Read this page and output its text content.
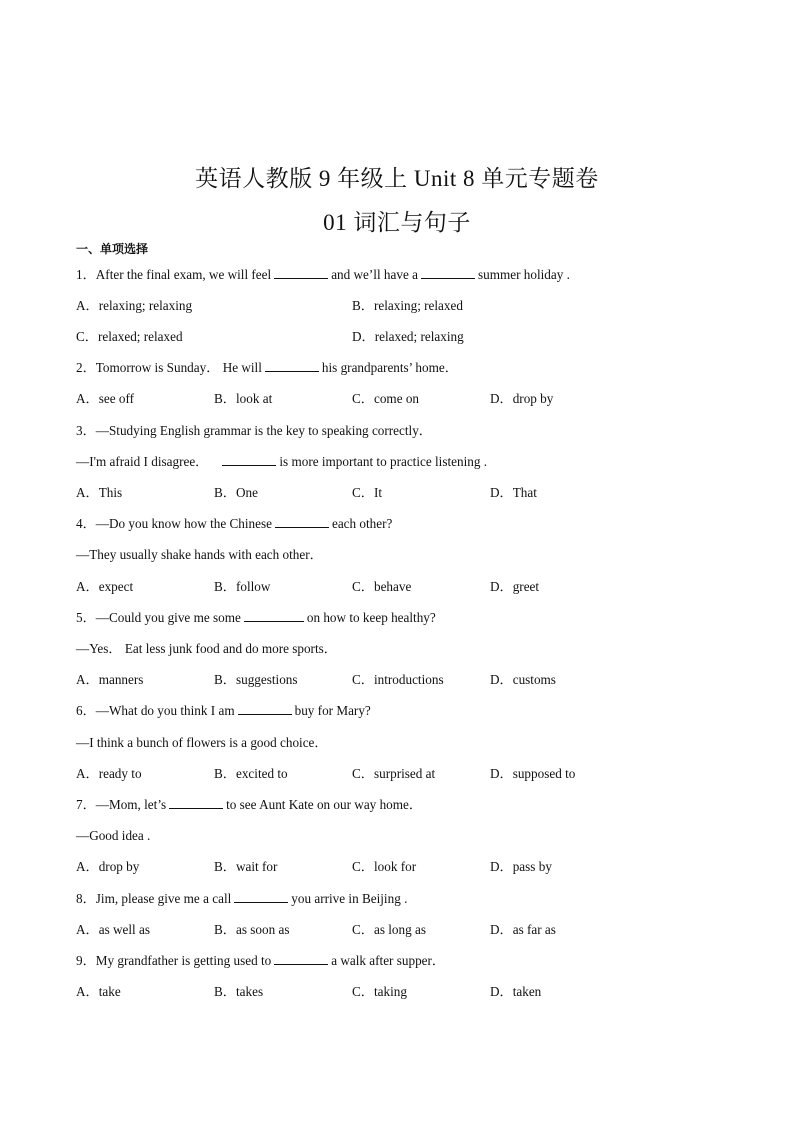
英语人教版 9 年级上 Unit 8 单元专题卷
01 词汇与句子
一、单项选择
1．After the final exam, we will feel	and we’ll have a	summer holiday .
A．relaxing; relaxing	B．relaxing; relaxed
C．relaxed; relaxed	D．relaxed; relaxing
2．Tomorrow is Sunday． He will	his grandparents’ home．
A．see off	B．look at	C．come on	D．drop by
3．—Studying English grammar is the key to speaking correctly．
—I'm afraid I disagree．	is more important to practice listening .
A．This	B．One	C．It	D．That
4．—Do you know how the Chinese	each other?
—They usually shake hands with each other．
A．expect	B．follow	C．behave	D．greet
5．—Could you give me some	on how to keep healthy?
—Yes． Eat less junk food and do more sports．
A．manners	B．suggestions	C．introductions	D．customs
6．—What do you think I am	buy for Mary?
—I think a bunch of flowers is a good choice．
A．ready to	B．excited to	C．surprised at	D．supposed to
7．—Mom, let’s	to see Aunt Kate on our way home．
—Good idea .
A．drop by	B．wait for	C．look for	D．pass by
8．Jim, please give me a call	you arrive in Beijing .
A．as well as	B．as soon as	C．as long as	D．as far as
9．My grandfather is getting used to	a walk after supper．
A．take	B．takes	C．taking	D．taken
